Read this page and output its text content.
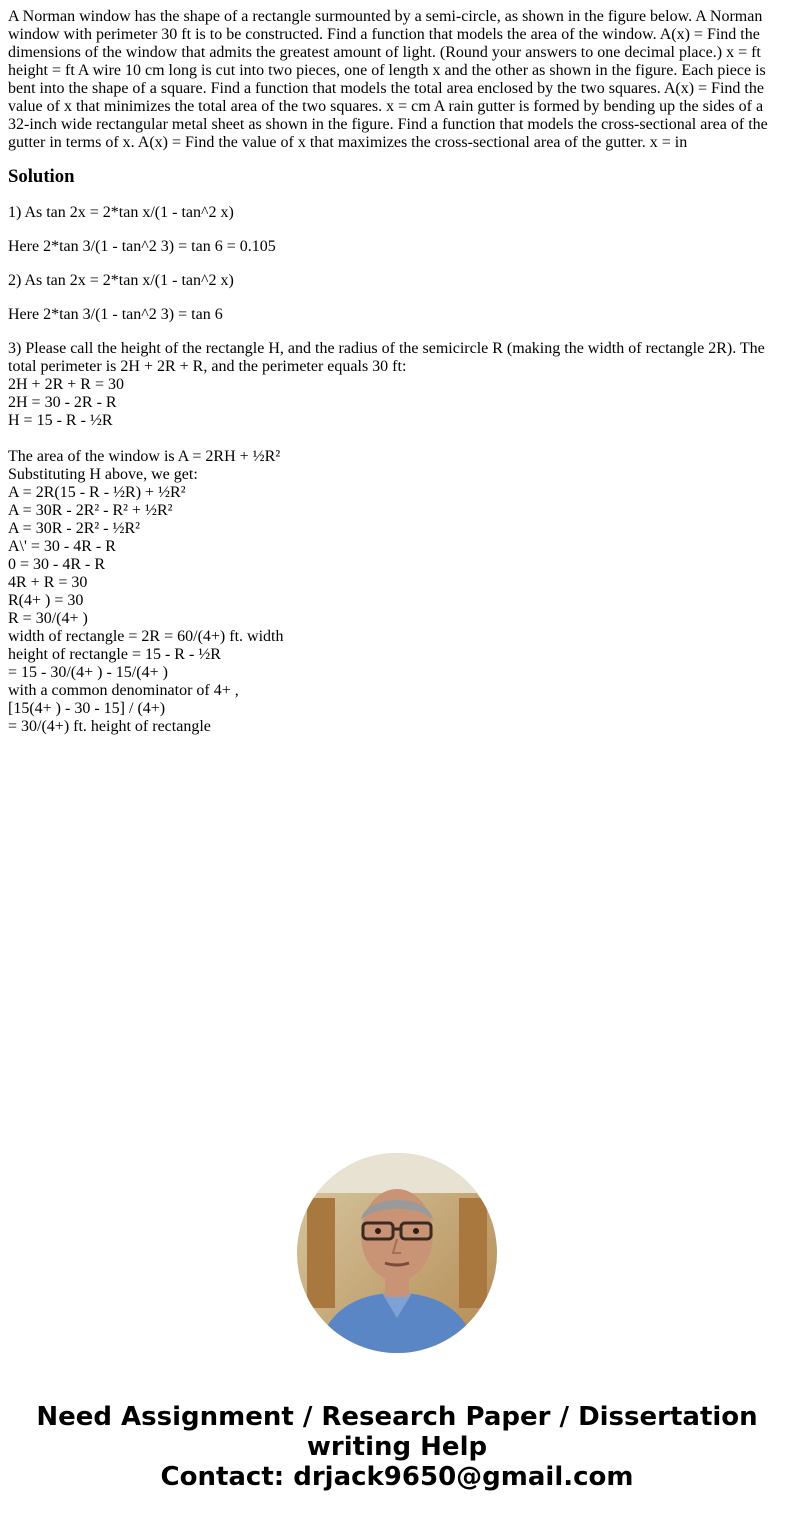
A Norman window has the shape of a rectangle surmounted by a semi-circle, as shown in the figure below. A Norman window with perimeter 30 ft is to be constructed. Find a function that models the area of the window. A(x) = Find the dimensions of the window that admits the greatest amount of light. (Round your answers to one decimal place.) x = ft height = ft A wire 10 cm long is cut into two pieces, one of length x and the other as shown in the figure. Each piece is bent into the shape of a square. Find a function that models the total area enclosed by the two squares. A(x) = Find the value of x that minimizes the total area of the two squares. x = cm A rain gutter is formed by bending up the sides of a 32-inch wide rectangular metal sheet as shown in the figure. Find a function that models the cross-sectional area of the gutter in terms of x. A(x) = Find the value of x that maximizes the cross-sectional area of the gutter. x = in

Solution

1) As tan 2x = 2*tan x/(1 - tan^2 x)

Here 2*tan 3/(1 - tan^2 3) = tan 6 = 0.105

2) As tan 2x = 2*tan x/(1 - tan^2 x)

Here 2*tan 3/(1 - tan^2 3) = tan 6

3) Please call the height of the rectangle H, and the radius of the semicircle R (making the width of rectangle 2R). The total perimeter is 2H + 2R + R, and the perimeter equals 30 ft:
2H + 2R + R = 30
2H = 30 - 2R - R
H = 15 - R - ½R

The area of the window is A = 2RH + ½R²
Substituting H above, we get:
A = 2R(15 - R - ½R) + ½R²
A = 30R - 2R² - R² + ½R²
A = 30R - 2R² - ½R²
A\' = 30 - 4R - R
0 = 30 - 4R - R
4R + R = 30
R(4+ ) = 30
R = 30/(4+ )
width of rectangle = 2R = 60/(4+) ft. width
height of rectangle = 15 - R - ½R
= 15 - 30/(4+ ) - 15/(4+ )
with a common denominator of 4+ ,
[15(4+ ) - 30 - 15] / (4+)
= 30/(4+) ft. height of rectangle
Need Assignment / Research Paper / Dissertation
writing Help
Contact: drjack9650@gmail.com
